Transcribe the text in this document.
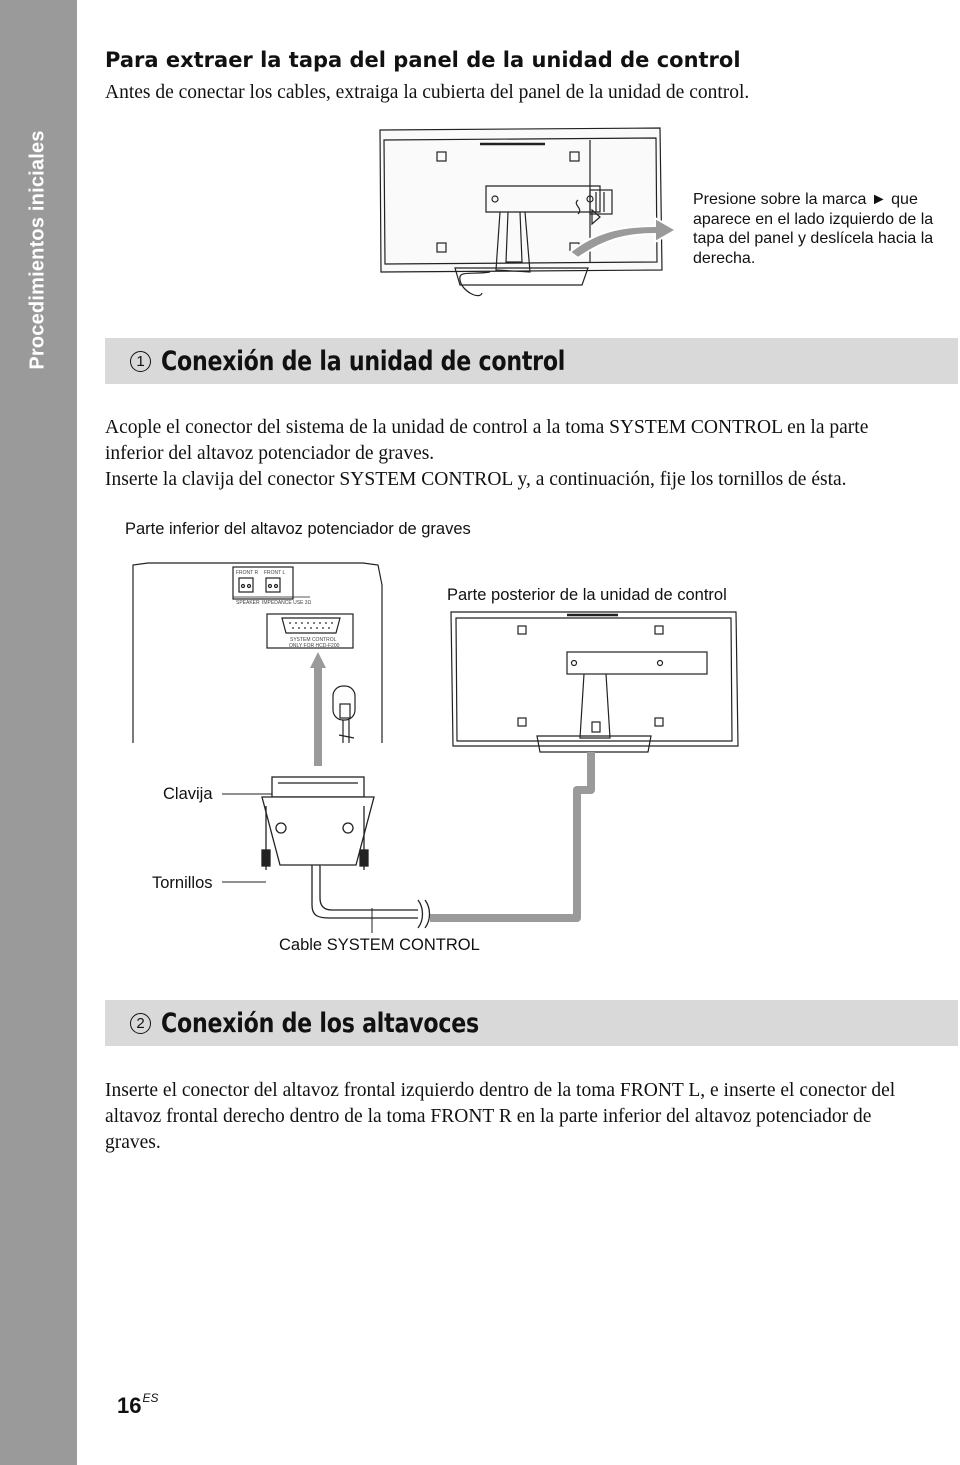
Procedimientos iniciales
Para extraer la tapa del panel de la unidad de control

Antes de conectar los cables, extraiga la cubierta del panel de la unidad de control.

Presione sobre la marca ► que
aparece en el lado izquierdo de la
tapa del panel y deslícela hacia la
derecha.
1 Conexión de la unidad de control

Acople el conector del sistema de la unidad de control a la toma SYSTEM CONTROL en la parte

inferior del altavoz potenciador de graves.

Inserte la clavija del conector SYSTEM CONTROL y, a continuación, fije los tornillos de ésta.

Parte inferior del altavoz potenciador de graves
Parte posterior de la unidad de control
Clavija
Tornillos
Cable SYSTEM CONTROL
FRONT R FRONT L
SPEAKER IMPEDANCE USE 3Ω
SYSTEM CONTROL
ONLY FOR HCD-F200
2 Conexión de los altavoces

Inserte el conector del altavoz frontal izquierdo dentro de la toma FRONT L, e inserte el conector del

altavoz frontal derecho dentro de la toma FRONT R en la parte inferior del altavoz potenciador de

graves.

$16^{ES}$
